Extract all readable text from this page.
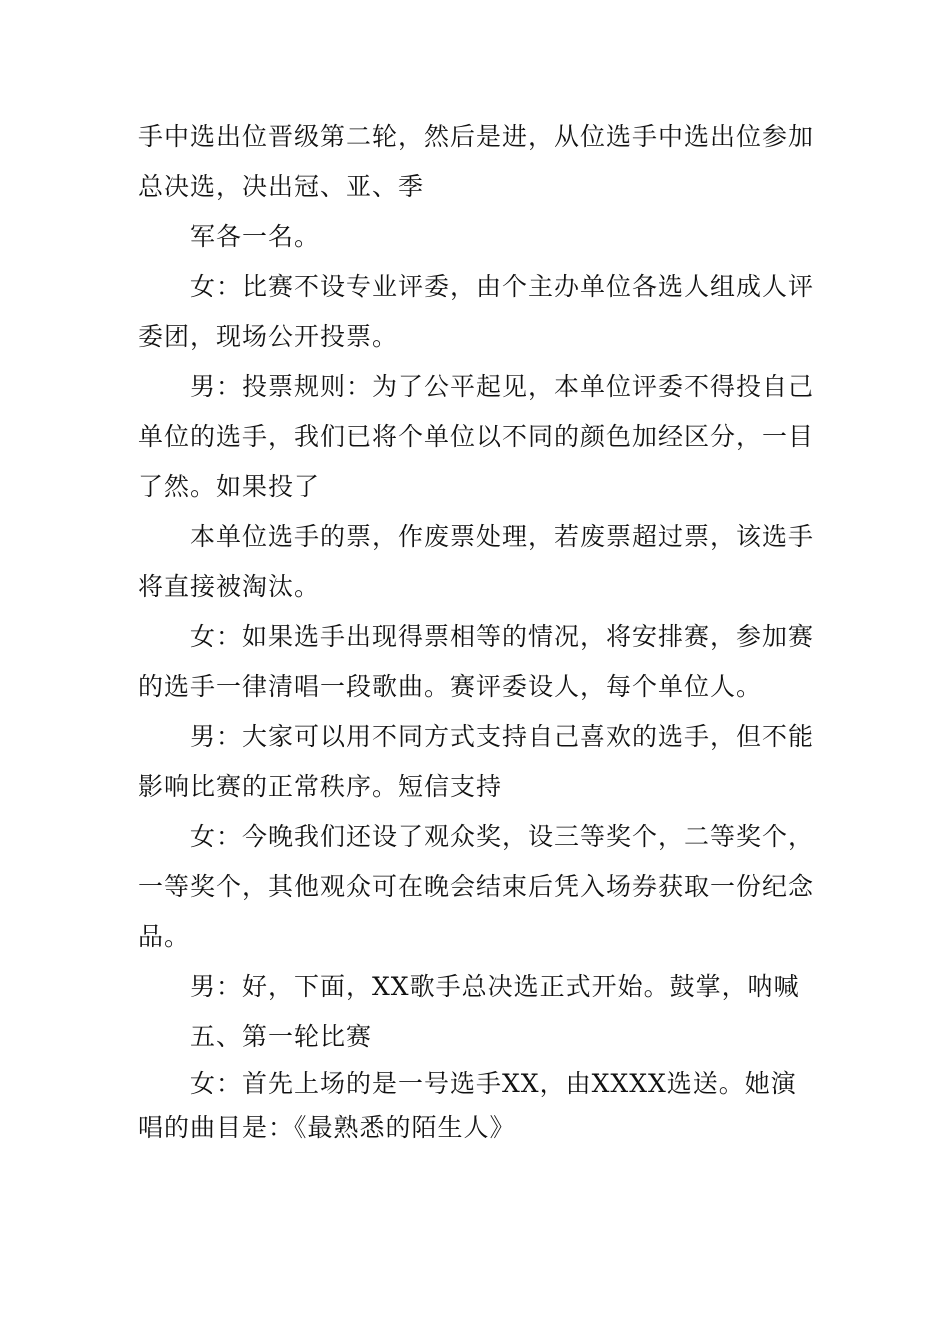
手中选出位晋级第二轮，然后是进，从位选手中选出位参加总决选，决出冠、亚、季

军各一名。

女：比赛不设专业评委，由个主办单位各选人组成人评委团，现场公开投票。

男：投票规则：为了公平起见，本单位评委不得投自己单位的选手，我们已将个单位以不同的颜色加经区分，一目了然。如果投了

本单位选手的票，作废票处理，若废票超过票，该选手将直接被淘汰。

女：如果选手出现得票相等的情况，将安排赛，参加赛的选手一律清唱一段歌曲。赛评委设人，每个单位人。

男：大家可以用不同方式支持自己喜欢的选手，但不能影响比赛的正常秩序。短信支持

女：今晚我们还设了观众奖，设三等奖个，二等奖个，一等奖个，其他观众可在晚会结束后凭入场券获取一份纪念品。

男：好，下面，XX歌手总决选正式开始。鼓掌，呐喊

五、第一轮比赛

女：首先上场的是一号选手XX，由XXXX选送。她演唱的曲目是：《最熟悉的陌生人》
